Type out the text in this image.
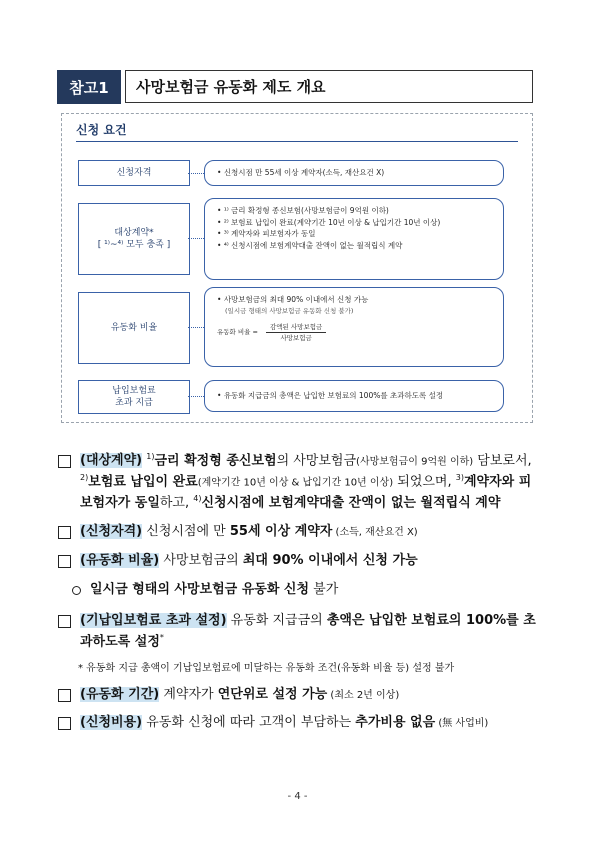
참고1	사망보험금 유동화 제도 개요
신청 요건
신청자격	• 신청시점 만 55세 이상 계약자(소득, 재산요건 X)
대상계약*
[ ¹⁾~⁴⁾ 모두 충족 ]
• ¹⁾ 금리 확정형 종신보험(사망보험금이 9억원 이하)
• ²⁾ 보험료 납입이 완료(계약기간 10년 이상 & 납입기간 10년 이상)
• ³⁾ 계약자와 피보험자가 동일
• ⁴⁾ 신청시점에 보험계약대출 잔액이 없는 월적립식 계약
유동화 비율
• 사망보험금의 최대 90% 이내에서 신청 가능
(일시금 형태의 사망보험금 유동화 신청 불가)
유동화 비율 =
감액된 사망보험금
사망보험금
납입보험료
초과 지급
• 유동화 지급금의 총액은 납입한 보험료의 100%를 초과하도록 설정
(대상계약) $^{1)}$금리 확정형 종신보험의 사망보험금(사망보험금이 9억원 이하) 담보로서, $^{2)}$보험료 납입이 완료(계약기간 10년 이상 & 납입기간 10년 이상) 되었으며, $^{3)}$계약자와 피보험자가 동일하고, $^{4)}$신청시점에 보험계약대출 잔액이 없는 월적립식 계약
(신청자격) 신청시점에 만 55세 이상 계약자 (소득, 재산요건 X)
(유동화 비율) 사망보험금의 최대 90% 이내에서 신청 가능
일시금 형태의 사망보험금 유동화 신청 불가
(기납입보험료 초과 설정) 유동화 지급금의 총액은 납입한 보험료의 100%를 초과하도록 설정*
* 유동화 지급 총액이 기납입보험료에 미달하는 유동화 조건(유동화 비율 등) 설정 불가
(유동화 기간) 계약자가 연단위로 설정 가능 (최소 2년 이상)
(신청비용) 유동화 신청에 따라 고객이 부담하는 추가비용 없음 (無 사업비)
- 4 -
